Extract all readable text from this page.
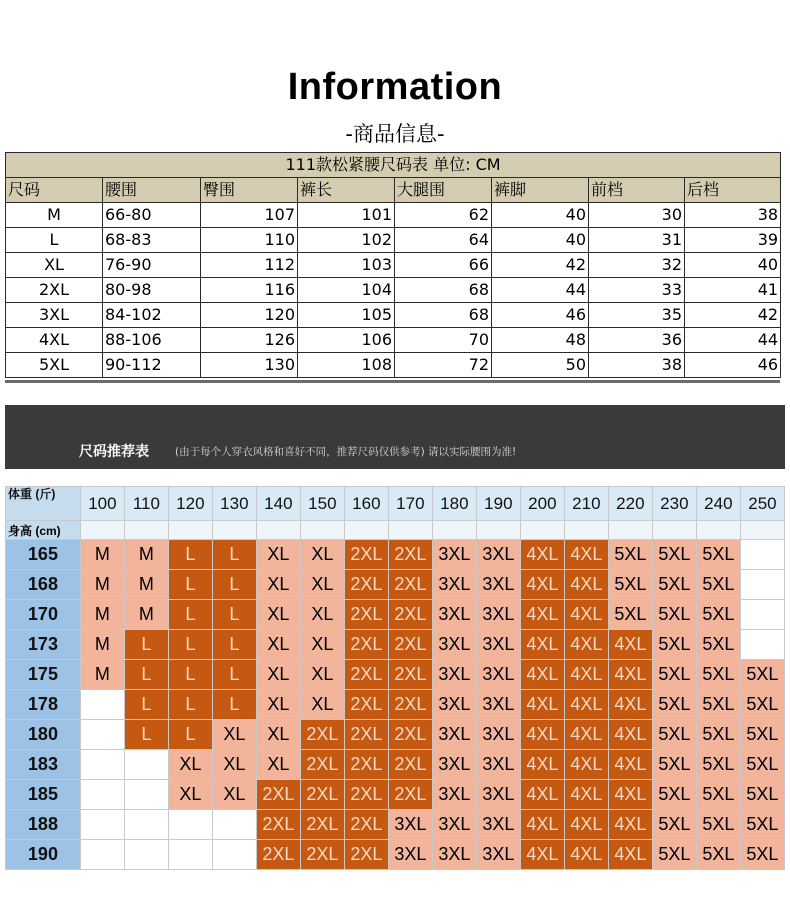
Information
-商品信息-
111款松紧腰尺码表 单位: CM							
尺码	腰围	臀围	裤长	大腿围	裤脚	前档	后档
M	66-80	107	101	62	40	30	38
L	68-83	110	102	64	40	31	39
XL	76-90	112	103	66	42	32	40
2XL	80-98	116	104	68	44	33	41
3XL	84-102	120	105	68	46	35	42
4XL	88-106	126	106	70	48	36	44
5XL	90-112	130	108	72	50	38	46
尺码推荐表 (由于每个人穿衣风格和喜好不同，推荐尺码仅供参考) 请以实际腰围为准!
体重 (斤)	100	110	120	130	140	150	160	170	180	190	200	210	220	230	240	250
身高 (cm)																
165	M	M	L	L	XL	XL	2XL	2XL	3XL	3XL	4XL	4XL	5XL	5XL	5XL	
168	M	M	L	L	XL	XL	2XL	2XL	3XL	3XL	4XL	4XL	5XL	5XL	5XL	
170	M	M	L	L	XL	XL	2XL	2XL	3XL	3XL	4XL	4XL	5XL	5XL	5XL	
173	M	L	L	L	XL	XL	2XL	2XL	3XL	3XL	4XL	4XL	4XL	5XL	5XL	
175	M	L	L	L	XL	XL	2XL	2XL	3XL	3XL	4XL	4XL	4XL	5XL	5XL	5XL
178		L	L	L	XL	XL	2XL	2XL	3XL	3XL	4XL	4XL	4XL	5XL	5XL	5XL
180		L	L	XL	XL	2XL	2XL	2XL	3XL	3XL	4XL	4XL	4XL	5XL	5XL	5XL
183			XL	XL	XL	2XL	2XL	2XL	3XL	3XL	4XL	4XL	4XL	5XL	5XL	5XL
185			XL	XL	2XL	2XL	2XL	2XL	3XL	3XL	4XL	4XL	4XL	5XL	5XL	5XL
188					2XL	2XL	2XL	3XL	3XL	3XL	4XL	4XL	4XL	5XL	5XL	5XL
190					2XL	2XL	2XL	3XL	3XL	3XL	4XL	4XL	4XL	5XL	5XL	5XL
